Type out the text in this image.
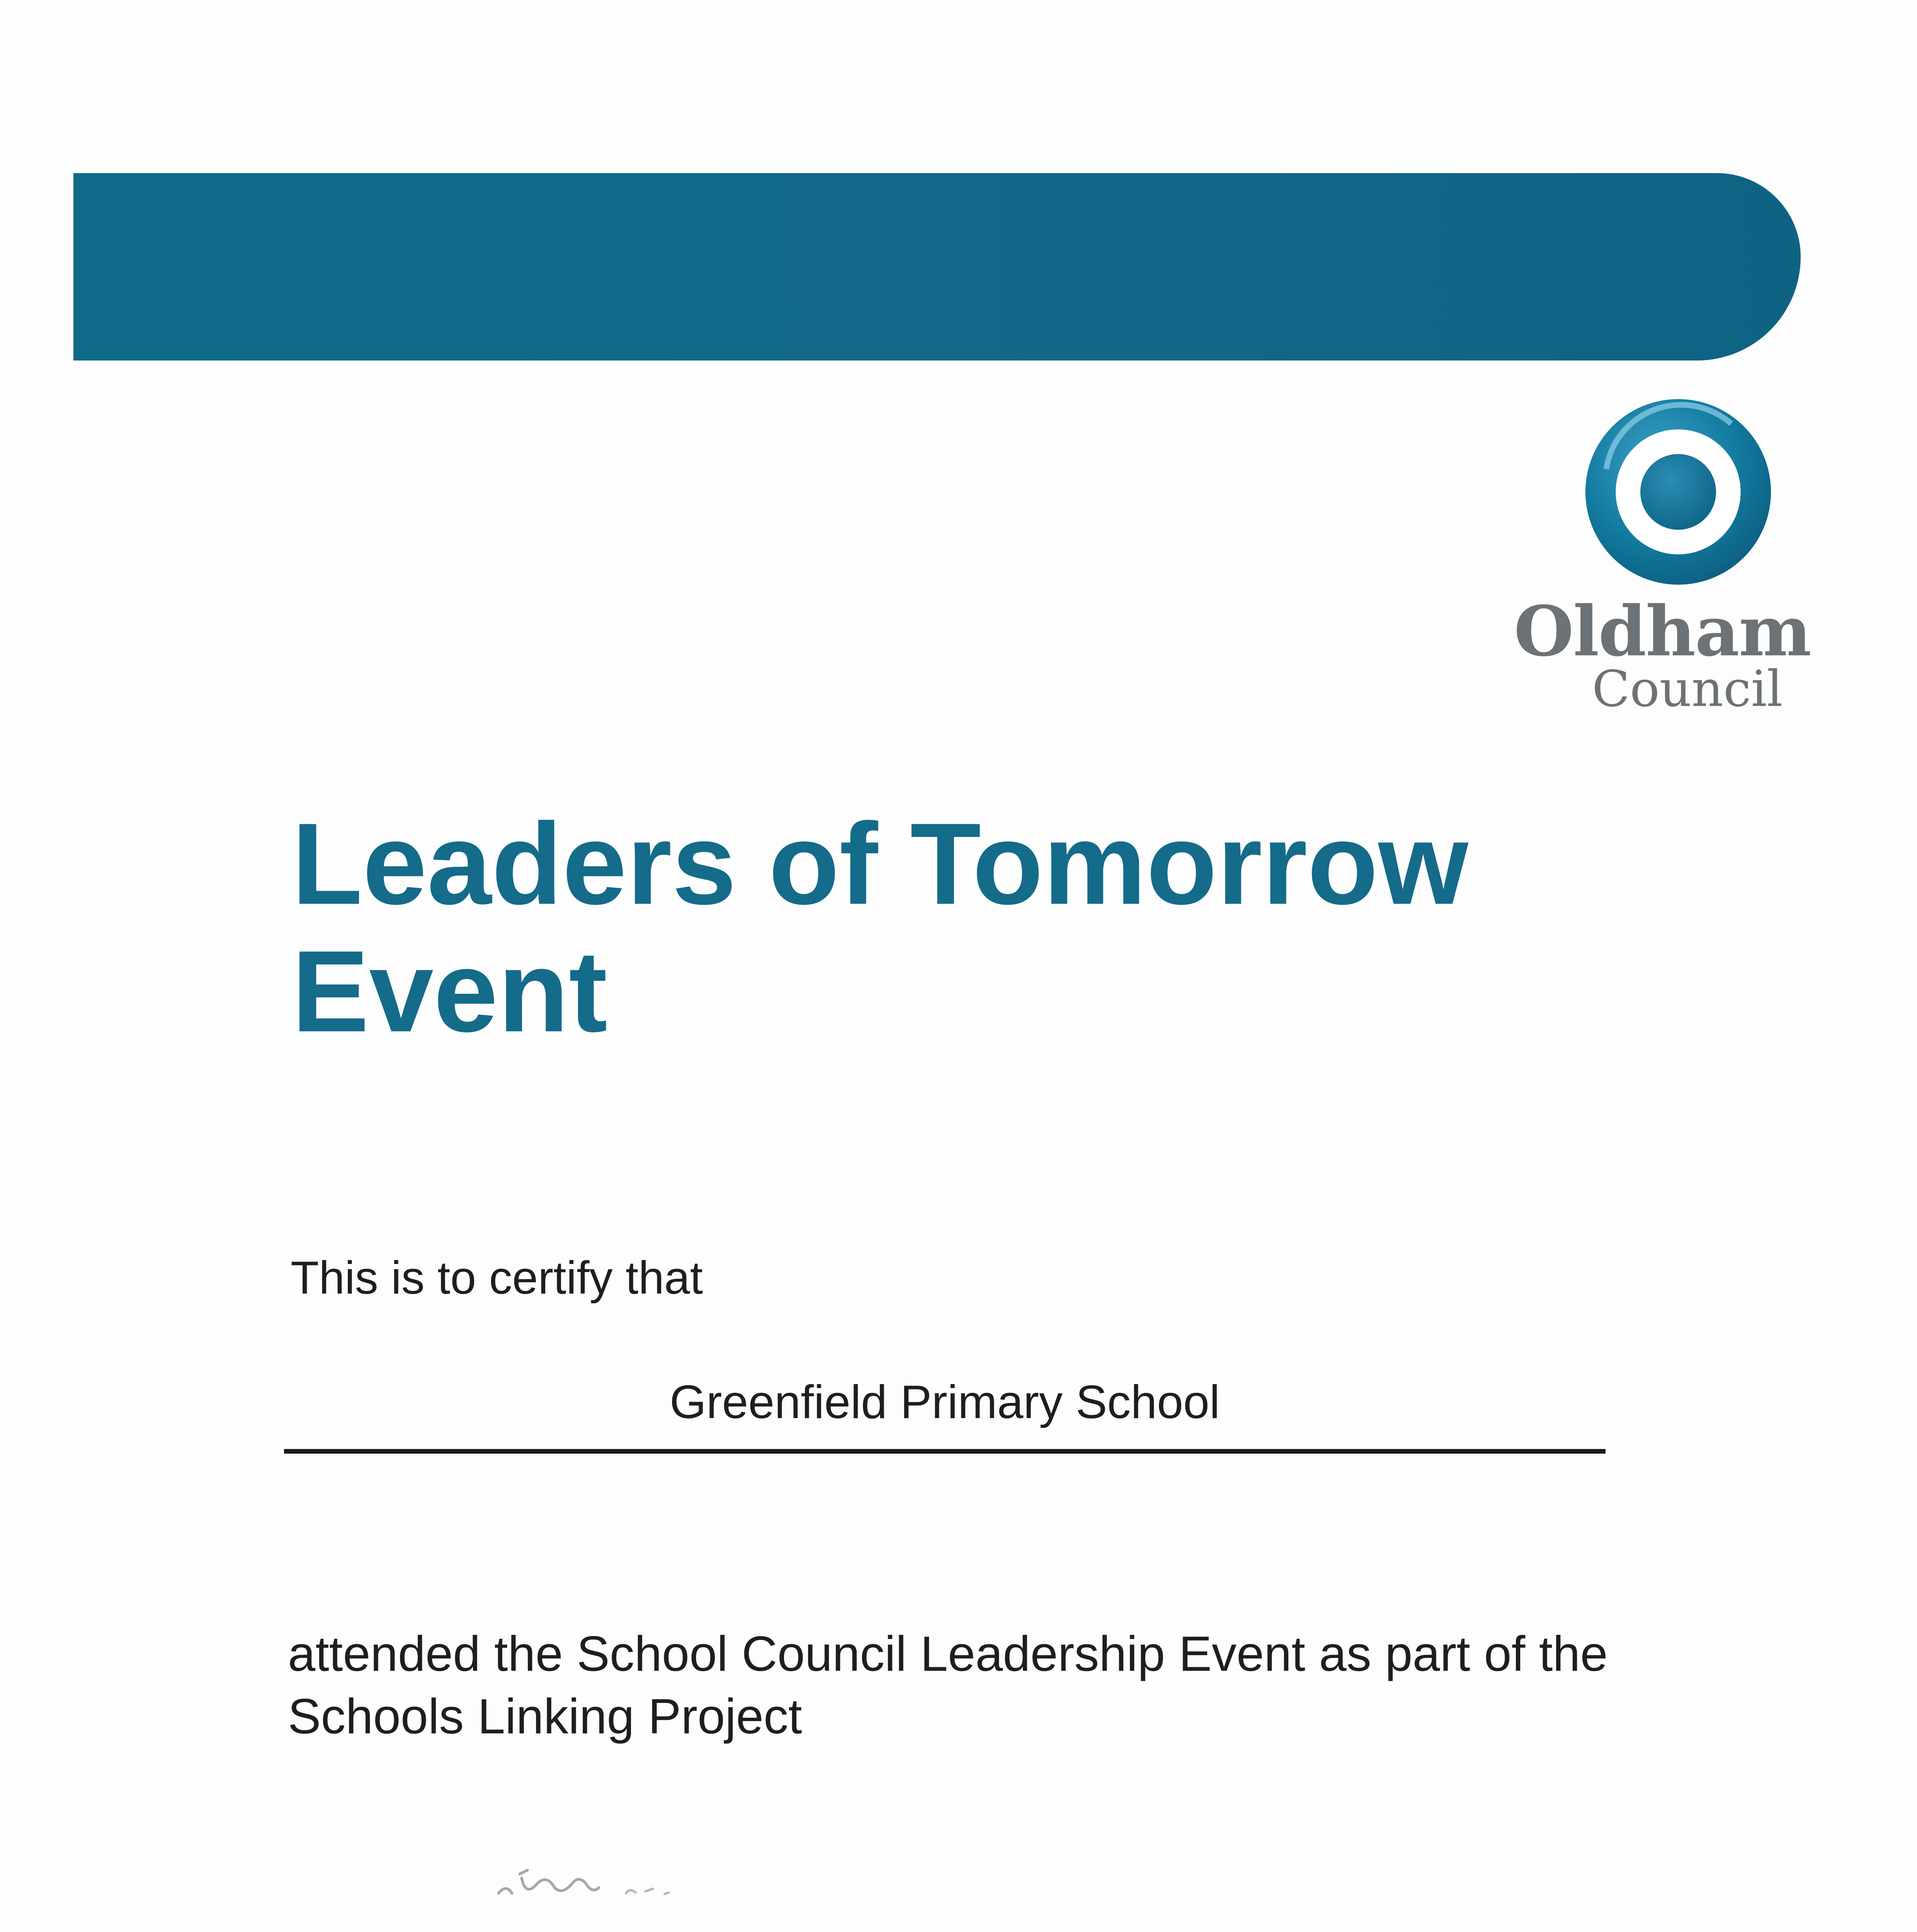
Oldham
Council
Leaders of Tomorrow Event
This is to certify that
Greenfield Primary School

attended the School Council Leadership Event as part of the Schools Linking Project
